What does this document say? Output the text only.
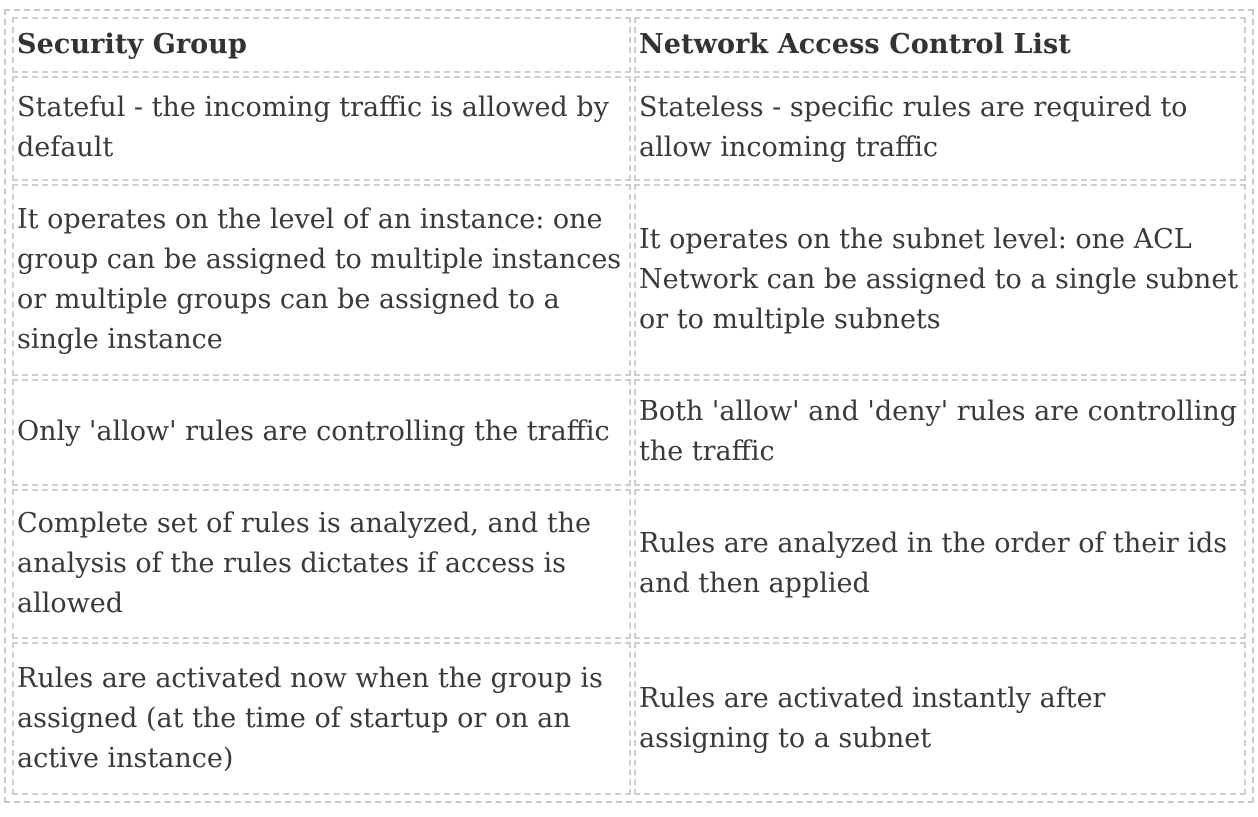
Security Group	Network Access Control List
Stateful - the incoming traffic is allowed by default	Stateless - specific rules are required to allow incoming traffic
It operates on the level of an instance: one group can be assigned to multiple instances or multiple groups can be assigned to a single instance	It operates on the subnet level: one ACL Network can be assigned to a single subnet or to multiple subnets
Only 'allow' rules are controlling the traffic	Both 'allow' and 'deny' rules are controlling the traffic
Complete set of rules is analyzed, and the analysis of the rules dictates if access is allowed	Rules are analyzed in the order of their ids and then applied
Rules are activated now when the group is assigned (at the time of startup or on an active instance)	Rules are activated instantly after assigning to a subnet
